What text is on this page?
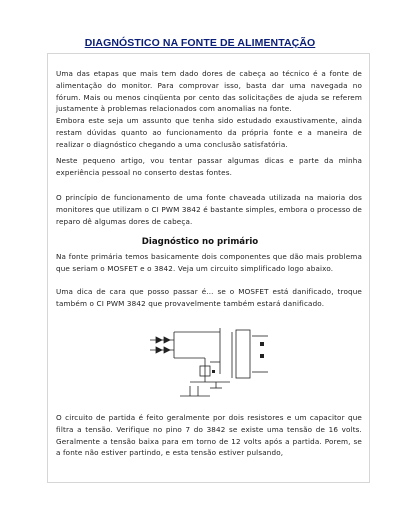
DIAGNÓSTICO NA FONTE DE ALIMENTAÇÃO
Uma das etapas que mais tem dado dores de cabeça ao técnico é a fonte de alimentação do monitor. Para comprovar isso, basta dar uma navegada no fórum. Mais ou menos cinqüenta por cento das solicitações de ajuda se referem justamente à problemas relacionados com anomalias na fonte.
Embora este seja um assunto que tenha sido estudado exaustivamente, ainda restam dúvidas quanto ao funcionamento da própria fonte e a maneira de realizar o diagnóstico chegando a uma conclusão satisfatória.
Neste pequeno artigo, vou tentar passar algumas dicas e parte da minha experiência pessoal no conserto destas fontes.
O princípio de funcionamento de uma fonte chaveada utilizada na maioria dos monitores que utilizam o CI PWM 3842 é bastante simples, embora o processo de reparo dê algumas dores de cabeça.
Diagnóstico no primário
Na fonte primária temos basicamente dois componentes que dão mais problema que seriam o MOSFET e o 3842. Veja um circuito simplificado logo abaixo.
Uma dica de cara que posso passar é... se o MOSFET está danificado, troque também o CI PWM 3842 que provavelmente também estará danificado.
O circuito de partida é feito geralmente por dois resistores e um capacitor que filtra a tensão. Verifique no pino 7 do 3842 se existe uma tensão de 16 volts. Geralmente a tensão baixa para em torno de 12 volts após a partida. Porem, se a fonte não estiver partindo, e esta tensão estiver pulsando,
